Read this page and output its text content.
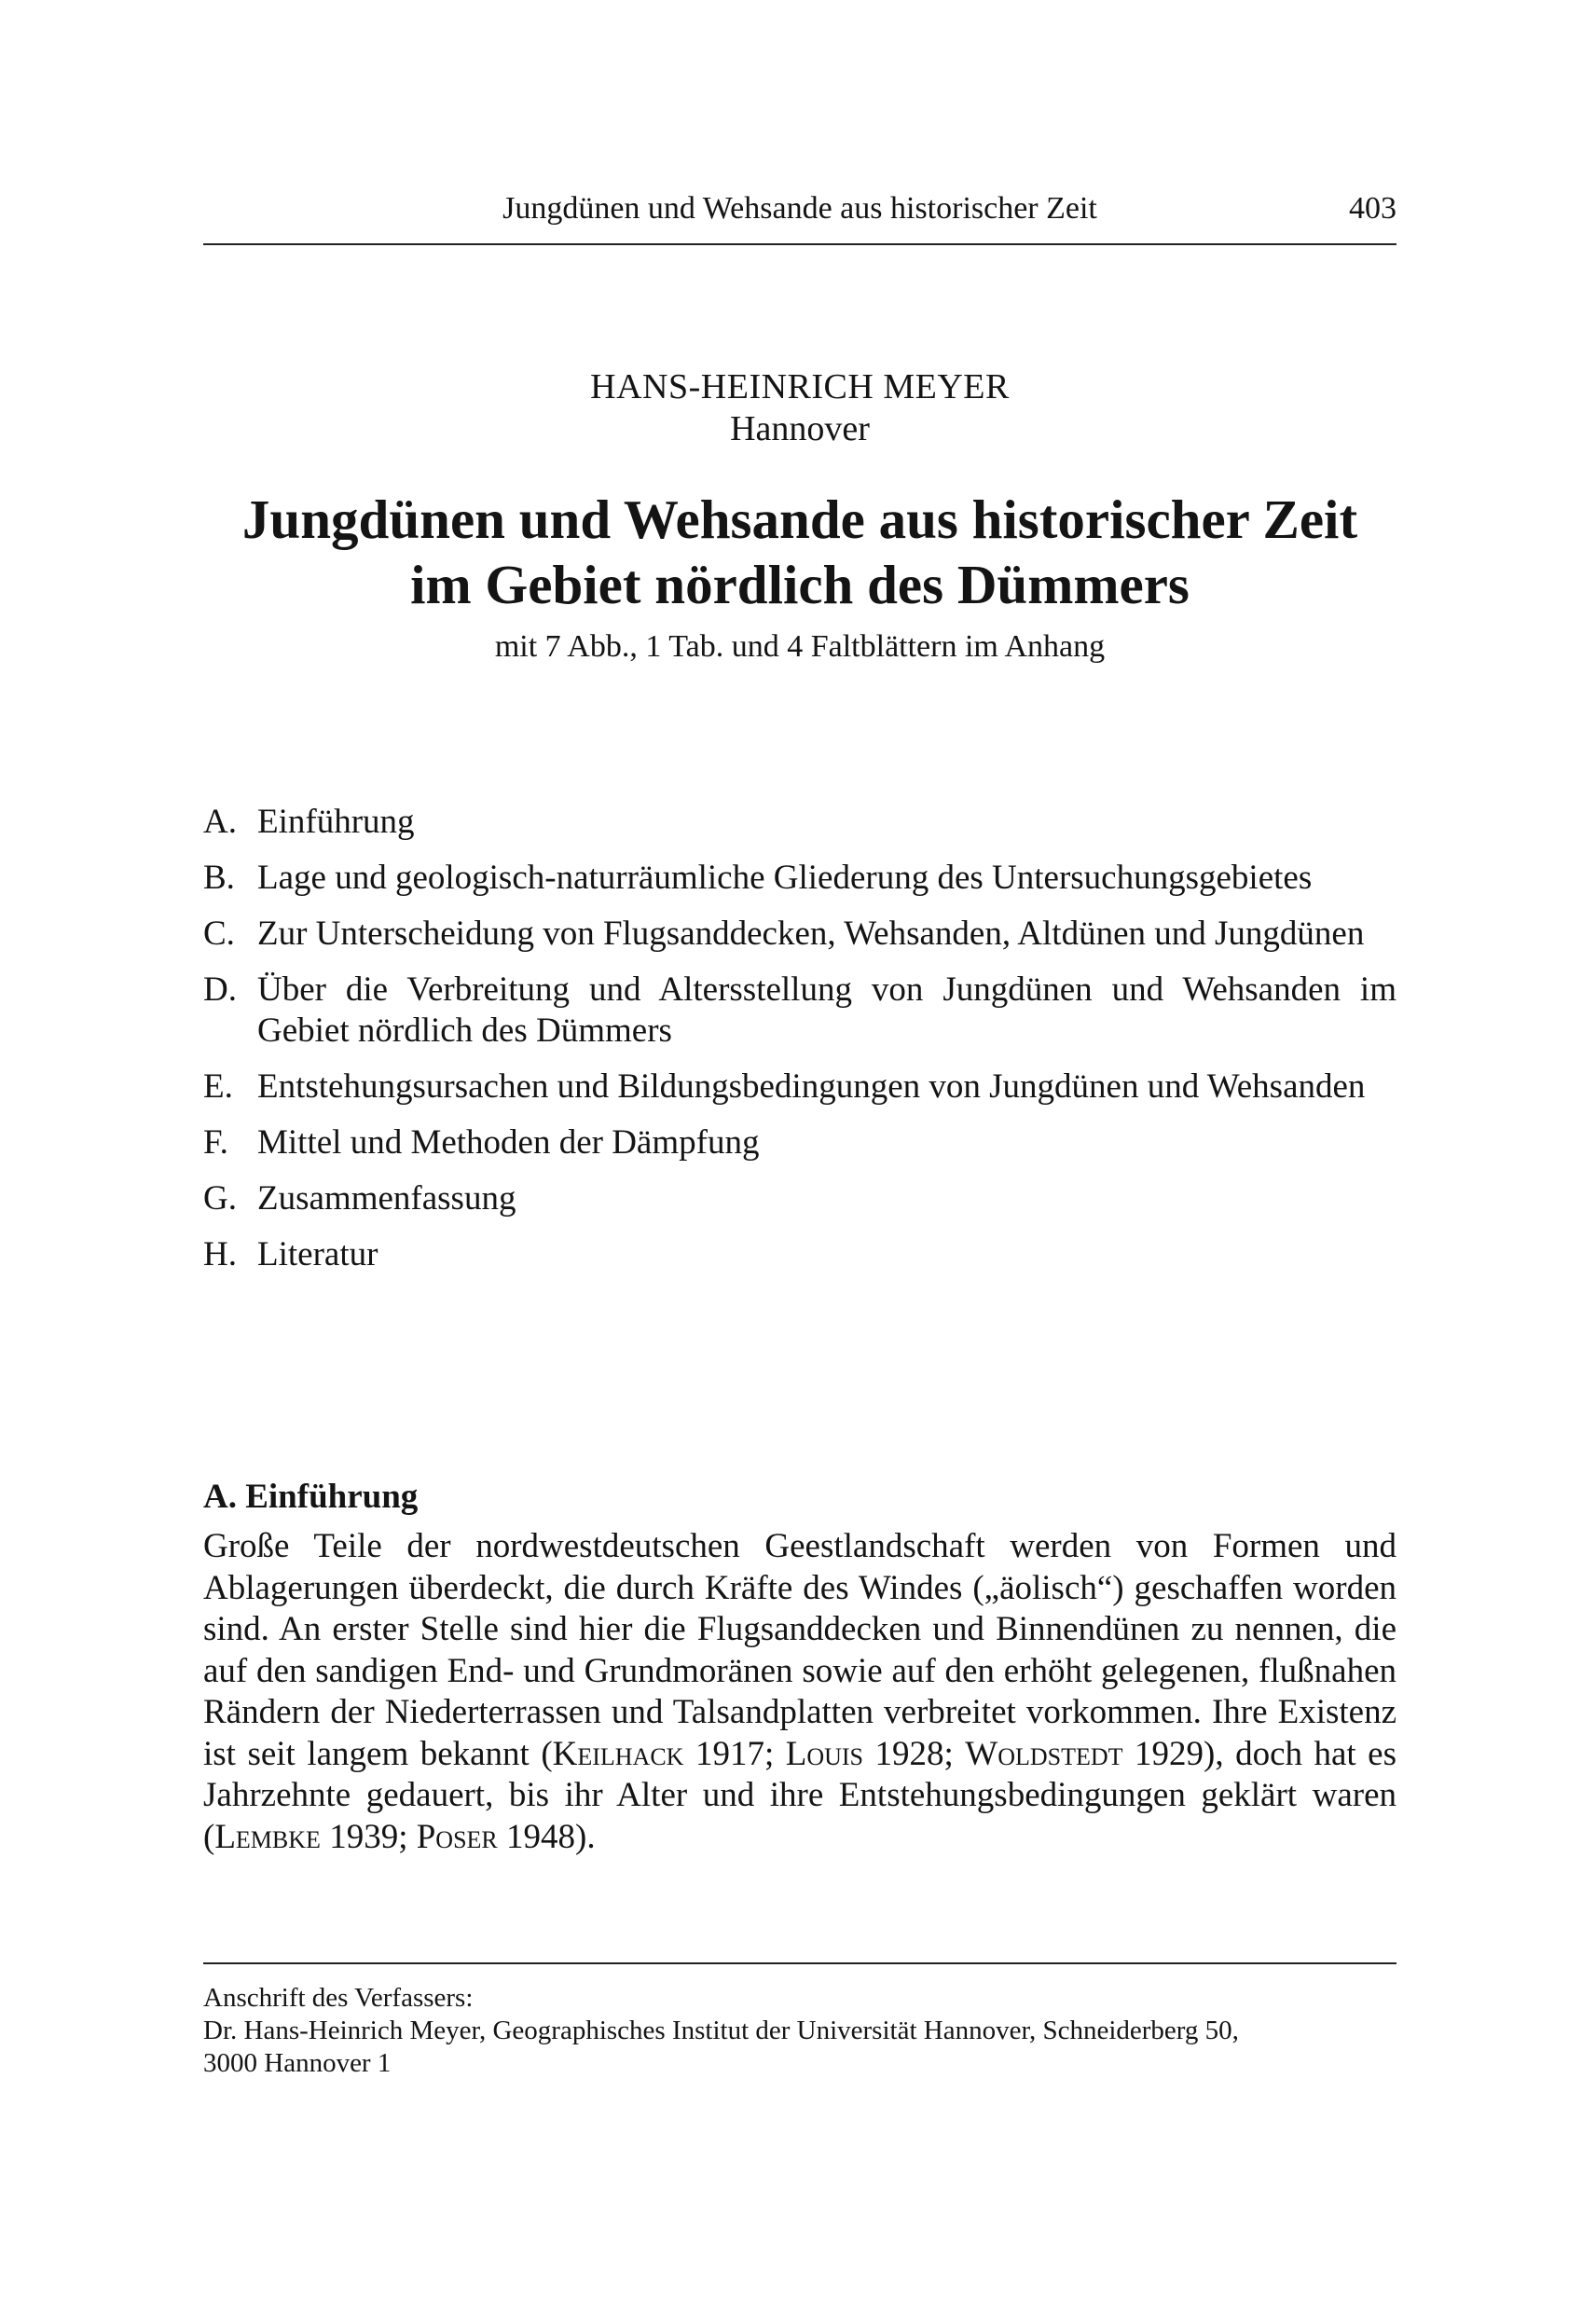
Jungdünen und Wehsande aus historischer Zeit	403
HANS-HEINRICH MEYER
Hannover
Jungdünen und Wehsande aus historischer Zeit
im Gebiet nördlich des Dümmers
mit 7 Abb., 1 Tab. und 4 Faltblättern im Anhang
A. Einführung
B. Lage und geologisch-naturräumliche Gliederung des Untersuchungsgebietes
C. Zur Unterscheidung von Flugsanddecken, Wehsanden, Altdünen und Jungdünen
D. Über die Verbreitung und Altersstellung von Jungdünen und Wehsanden im Gebiet nördlich des Dümmers
E. Entstehungsursachen und Bildungsbedingungen von Jungdünen und Wehsanden
F. Mittel und Methoden der Dämpfung
G. Zusammenfassung
H. Literatur
A. Einführung

Große Teile der nordwestdeutschen Geestlandschaft werden von Formen und Ablagerungen überdeckt, die durch Kräfte des Windes („äolisch“) geschaffen worden sind. An erster Stelle sind hier die Flugsanddecken und Binnendünen zu nennen, die auf den sandigen End- und Grundmoränen sowie auf den erhöht gelegenen, flußnahen Rändern der Niederterrassen und Talsandplatten verbreitet vorkommen. Ihre Existenz ist seit langem bekannt (Keilhack 1917; Louis 1928; Woldstedt 1929), doch hat es Jahrzehnte gedauert, bis ihr Alter und ihre Entstehungsbedingungen geklärt waren (Lembke 1939; Poser 1948).

Anschrift des Verfassers:
Dr. Hans-Heinrich Meyer, Geographisches Institut der Universität Hannover, Schneiderberg 50,
3000 Hannover 1
